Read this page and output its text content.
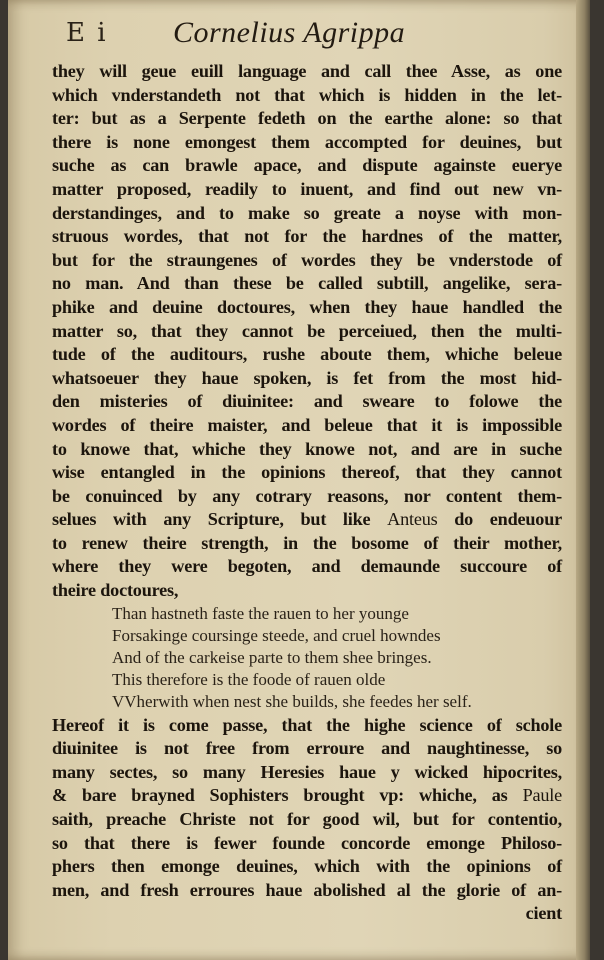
E i Cornelius Agrippa
they will geue euill language and call thee Asse, as one
which vnderstandeth not that which is hidden in the let-
ter: but as a Serpente fedeth on the earthe alone: so that
there is none emongest them accompted for deuines, but
suche as can brawle apace, and dispute againste euerye
matter proposed, readily to inuent, and find out new vn-
derstandinges, and to make so greate a noyse with mon-
struous wordes, that not for the hardnes of the matter,
but for the straungenes of wordes they be vnderstode of
no man. And than these be called subtill, angelike, sera-
phike and deuine doctoures, when they haue handled the
matter so, that they cannot be perceiued, then the multi-
tude of the auditours, rushe aboute them, whiche beleue
whatsoeuer they haue spoken, is fet from the most hid-
den misteries of diuinitee: and sweare to folowe the
wordes of theire maister, and beleue that it is impossible
to knowe that, whiche they knowe not, and are in suche
wise entangled in the opinions thereof, that they cannot
be conuinced by any cotrary reasons, nor content them-
selues with any Scripture, but like Anteus do endeuour
to renew theire strength, in the bosome of their mother,
where they were begoten, and demaunde succoure of
theire doctoures,
Than hastneth faste the rauen to her younge
Forsakinge coursinge steede, and cruel howndes
And of the carkeise parte to them shee bringes.
This therefore is the foode of rauen olde
VVherwith when nest she builds, she feedes her self.
Hereof it is come passe, that the highe science of schole
diuinitee is not free from erroure and naughtinesse, so
many sectes, so many Heresies haue y wicked hipocrites,
& bare brayned Sophisters brought vp: whiche, as Paule
saith, preache Christe not for good wil, but for contentio,
so that there is fewer founde concorde emonge Philoso-
phers then emonge deuines, which with the opinions of
men, and fresh erroures haue abolished al the glorie of an-
cient
